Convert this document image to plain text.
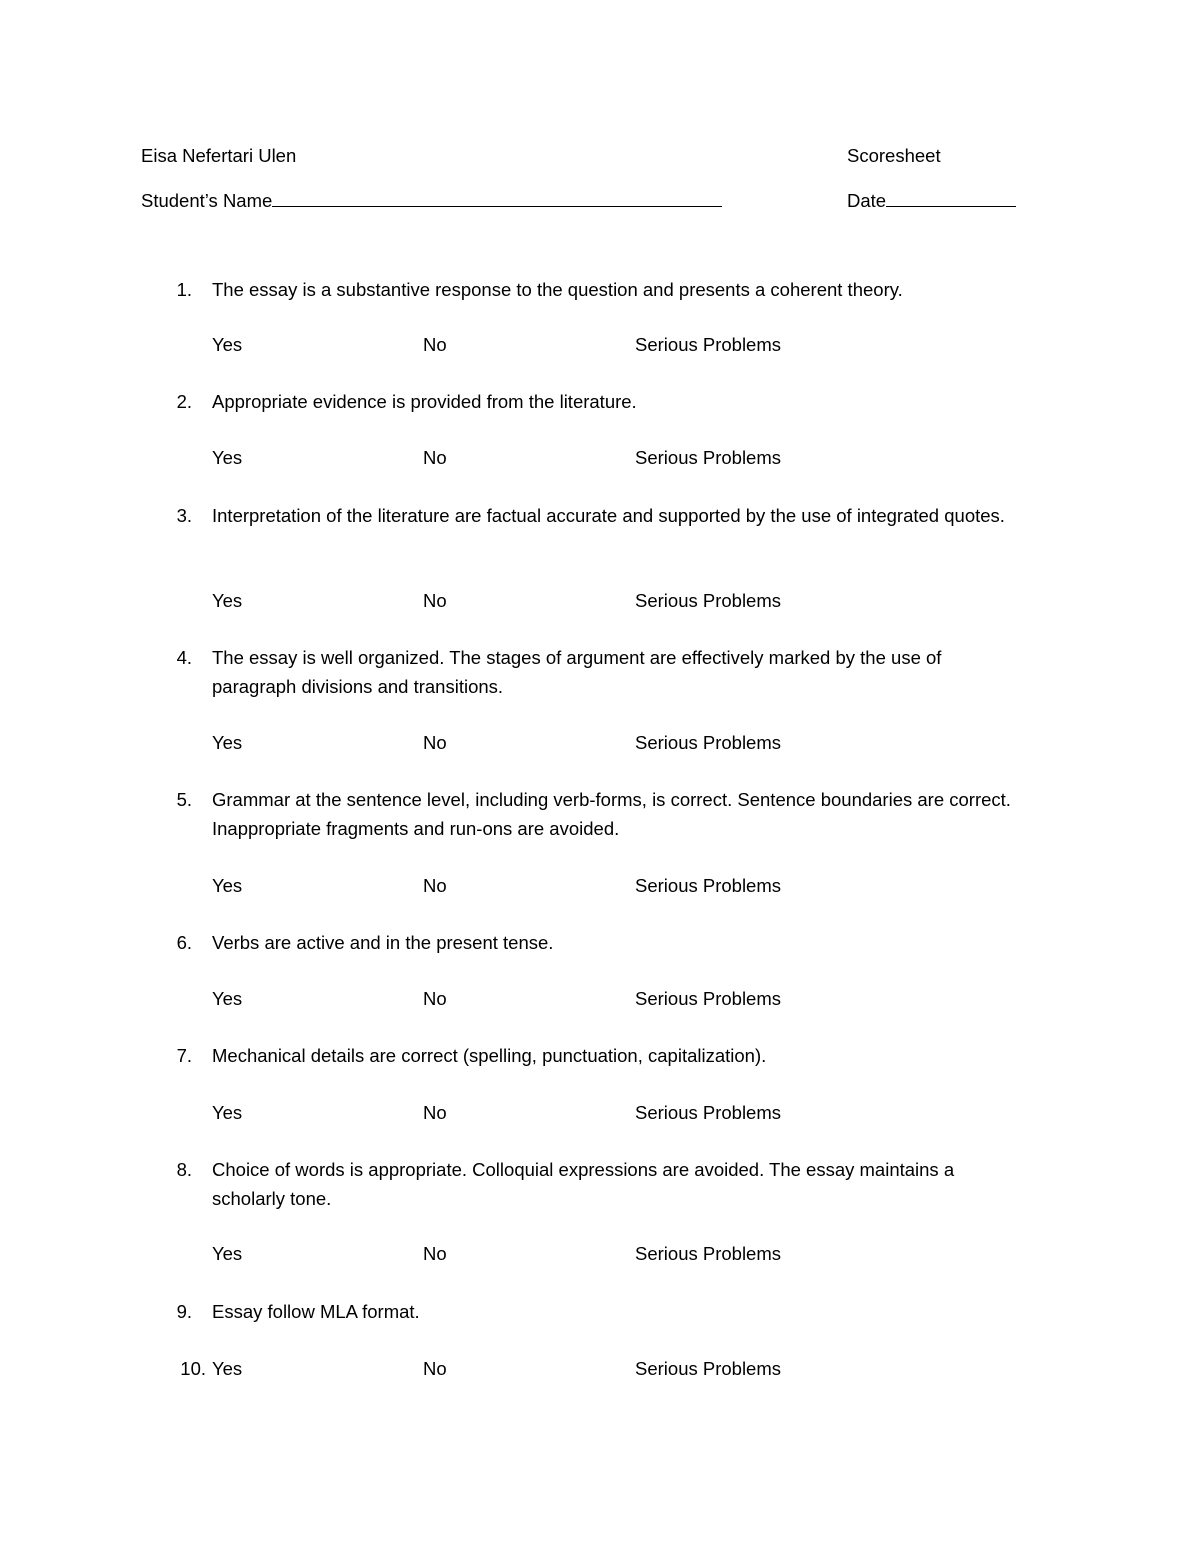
Eisa Nefertari Ulen	Scoresheet
Student’s Name	Date
1. The essay is a substantive response to the question and presents a coherent theory.
Yes	No	Serious Problems
2. Appropriate evidence is provided from the literature.
Yes	No	Serious Problems
3. Interpretation of the literature are factual accurate and supported by the use of integrated quotes.
Yes	No	Serious Problems
4. The essay is well organized. The stages of argument are effectively marked by the use of paragraph divisions and transitions.
Yes	No	Serious Problems
5. Grammar at the sentence level, including verb-forms, is correct. Sentence boundaries are correct. Inappropriate fragments and run-ons are avoided.
Yes	No	Serious Problems
6. Verbs are active and in the present tense.
Yes	No	Serious Problems
7. Mechanical details are correct (spelling, punctuation, capitalization).
Yes	No	Serious Problems
8. Choice of words is appropriate. Colloquial expressions are avoided. The essay maintains a scholarly tone.
Yes	No	Serious Problems
9. Essay follow MLA format.
10. Yes	No	Serious Problems
